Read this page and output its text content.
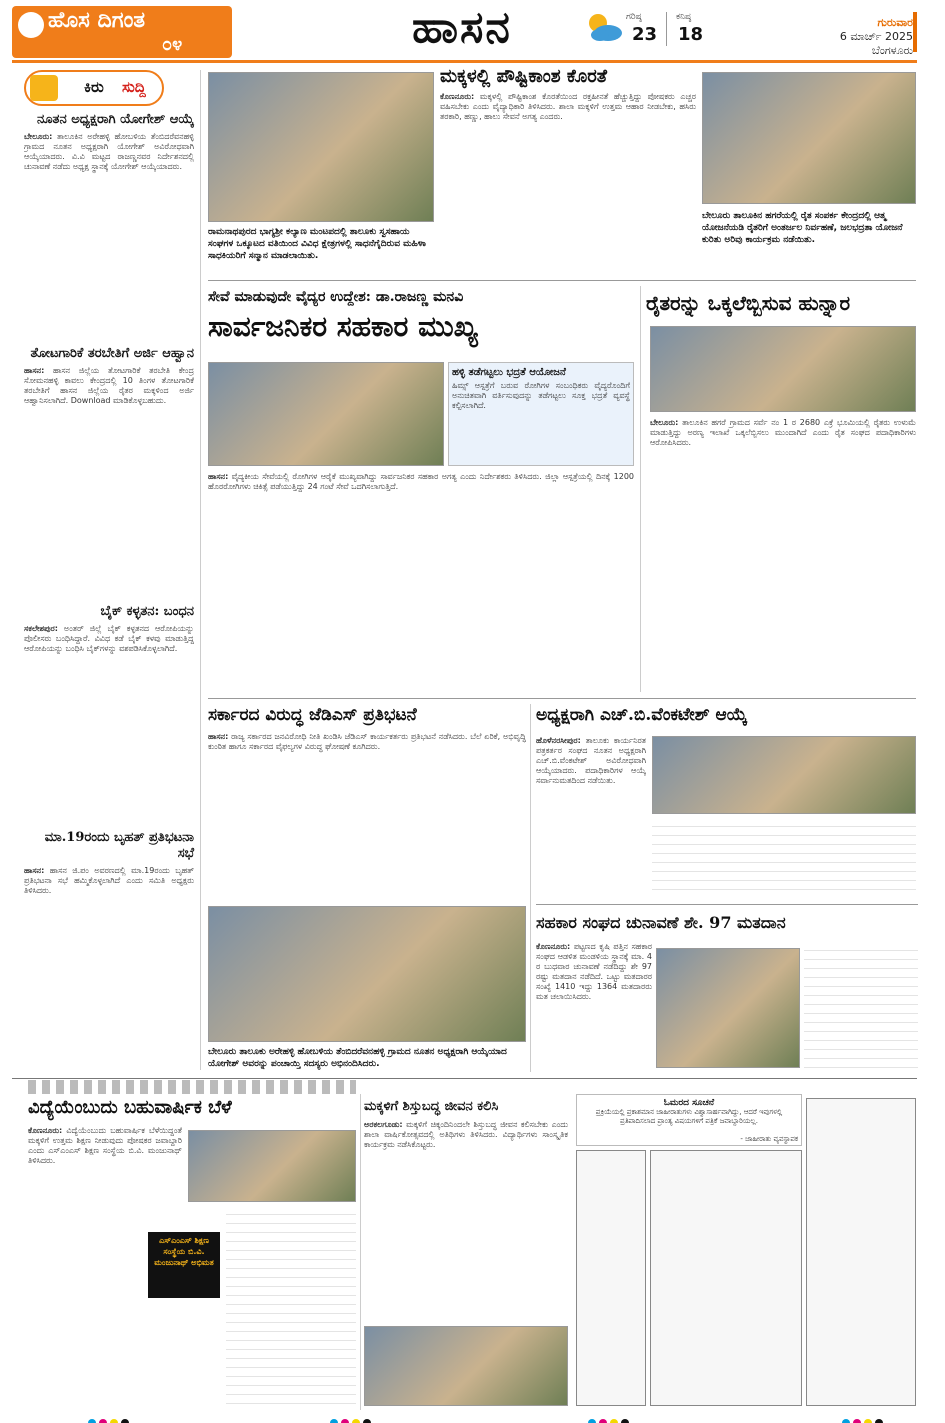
ಹೊಸ ದಿಗಂತ
೦೪	ಹಾಸನ	ಗರಿಷ್ಠ
23
ಕನಿಷ್ಠ
18
ಗುರುವಾರ
6 ಮಾರ್ಚ್ 2025
ಬೆಂಗಳೂರು
ಕಿರು ಸುದ್ದಿ
ನೂತನ ಅಧ್ಯಕ್ಷರಾಗಿ ಯೋಗೇಶ್ ಆಯ್ಕೆ
ಬೇಲೂರು: ತಾಲೂಕಿನ ಅರೇಹಳ್ಳಿ ಹೋಬಳಿಯ ತೆಂಬಿದರೆವನಹಳ್ಳಿ ಗ್ರಾಮದ ನೂತನ ಅಧ್ಯಕ್ಷರಾಗಿ ಯೋಗೇಶ್ ಅವಿರೋಧವಾಗಿ ಆಯ್ಕೆಯಾದರು. ವಿ.ವಿ ಮಟ್ಟದ ರಾಜಣ್ಣನವರ ನಿರ್ದೇಶನದಲ್ಲಿ ಚುನಾವಣೆ ನಡೆದು ಅಧ್ಯಕ್ಷ ಸ್ಥಾನಕ್ಕೆ ಯೋಗೇಶ್ ಆಯ್ಕೆಯಾದರು.
ತೋಟಗಾರಿಕೆ ತರಬೇತಿಗೆ ಅರ್ಜಿ ಆಹ್ವಾನ
ಹಾಸನ: ಹಾಸನ ಜಿಲ್ಲೆಯ ತೋಟಗಾರಿಕೆ ತರಬೇತಿ ಕೇಂದ್ರ ಸೋಮನಹಳ್ಳಿ ಕಾವಲು ಕೇಂದ್ರದಲ್ಲಿ 10 ತಿಂಗಳ ತೋಟಗಾರಿಕೆ ತರಬೇತಿಗೆ ಹಾಸನ ಜಿಲ್ಲೆಯ ರೈತರ ಮಕ್ಕಳಿಂದ ಅರ್ಜಿ ಆಹ್ವಾನಿಸಲಾಗಿದೆ. Download ಮಾಡಿಕೊಳ್ಳಬಹುದು.
ಬೈಕ್ ಕಳ್ಳತನ: ಬಂಧನ
ಸಕಲೇಶಪುರ: ಅಂತರ್ ಜಿಲ್ಲೆ ಬೈಕ್ ಕಳ್ಳತನದ ಆರೋಪಿಯನ್ನು ಪೊಲೀಸರು ಬಂಧಿಸಿದ್ದಾರೆ. ವಿವಿಧ ಕಡೆ ಬೈಕ್ ಕಳವು ಮಾಡುತ್ತಿದ್ದ ಆರೋಪಿಯನ್ನು ಬಂಧಿಸಿ ಬೈಕ್‌ಗಳನ್ನು ವಶಪಡಿಸಿಕೊಳ್ಳಲಾಗಿದೆ.
ಮಾ.19ರಂದು ಬೃಹತ್ ಪ್ರತಿಭಟನಾ ಸಭೆ
ಹಾಸನ: ಹಾಸನ ಜಿ.ಪಂ ಅವರಣದಲ್ಲಿ ಮಾ.19ರಂದು ಬೃಹತ್ ಪ್ರತಿಭಟನಾ ಸಭೆ ಹಮ್ಮಿಕೊಳ್ಳಲಾಗಿದೆ ಎಂದು ಸಮಿತಿ ಅಧ್ಯಕ್ಷರು ತಿಳಿಸಿದರು.
ರಾಮನಾಥಪುರದ ಭಾಗ್ಯಶ್ರೀ ಕಲ್ಯಾಣ ಮಂಟಪದಲ್ಲಿ ತಾಲೂಕು ಸ್ವಸಹಾಯ ಸಂಘಗಳ ಒಕ್ಕೂಟದ ವತಿಯಿಂದ ವಿವಿಧ ಕ್ಷೇತ್ರಗಳಲ್ಲಿ ಸಾಧನೆಗೈದಿರುವ ಮಹಿಳಾ ಸಾಧಕಿಯರಿಗೆ ಸನ್ಮಾನ ಮಾಡಲಾಯಿತು.
ಮಕ್ಕಳಲ್ಲಿ ಪೌಷ್ಟಿಕಾಂಶ ಕೊರತೆ
ಕೊಣನೂರು: ಮಕ್ಕಳಲ್ಲಿ ಪೌಷ್ಟಿಕಾಂಶ ಕೊರತೆಯಿಂದ ರಕ್ತಹೀನತೆ ಹೆಚ್ಚುತ್ತಿದ್ದು ಪೋಷಕರು ಎಚ್ಚರ ವಹಿಸಬೇಕು ಎಂದು ವೈದ್ಯಾಧಿಕಾರಿ ತಿಳಿಸಿದರು. ಶಾಲಾ ಮಕ್ಕಳಿಗೆ ಉತ್ತಮ ಆಹಾರ ನೀಡಬೇಕು, ಹಸಿರು ತರಕಾರಿ, ಹಣ್ಣು, ಹಾಲು ಸೇವನೆ ಅಗತ್ಯ ಎಂದರು.
ಬೇಲೂರು ತಾಲೂಕಿನ ಹಗರೆಯಲ್ಲಿ ರೈತ ಸಂಪರ್ಕ ಕೇಂದ್ರದಲ್ಲಿ ಆತ್ಮ ಯೋಜನೆಯಡಿ ರೈತರಿಗೆ ಅಂತರ್ಜಲ ನಿರ್ವಹಣೆ, ಜಲಭದ್ರತಾ ಯೋಜನೆ ಕುರಿತು ಅರಿವು ಕಾರ್ಯಕ್ರಮ ನಡೆಯಿತು.
ಸೇವೆ ಮಾಡುವುದೇ ವೈದ್ಯರ ಉದ್ದೇಶ: ಡಾ.ರಾಜಣ್ಣ ಮನವಿ
ಸಾರ್ವಜನಿಕರ ಸಹಕಾರ ಮುಖ್ಯ
ಹಳ್ಳಿ ತಡೆಗಟ್ಟಲು ಭದ್ರತೆ ಆಯೋಜನೆ
ಹಿಮ್ಸ್ ಆಸ್ಪತ್ರೆಗೆ ಬರುವ ರೋಗಿಗಳ ಸಂಬಂಧಿಕರು ವೈದ್ಯರೊಂದಿಗೆ ಅನುಚಿತವಾಗಿ ವರ್ತಿಸುವುದನ್ನು ತಡೆಗಟ್ಟಲು ಸೂಕ್ತ ಭದ್ರತೆ ವ್ಯವಸ್ಥೆ ಕಲ್ಪಿಸಲಾಗಿದೆ.
ಹಾಸನ: ವೈದ್ಯಕೀಯ ಸೇವೆಯಲ್ಲಿ ರೋಗಿಗಳ ಆರೈಕೆ ಮುಖ್ಯವಾಗಿದ್ದು ಸಾರ್ವಜನಿಕರ ಸಹಕಾರ ಅಗತ್ಯ ಎಂದು ನಿರ್ದೇಶಕರು ತಿಳಿಸಿದರು. ಜಿಲ್ಲಾ ಆಸ್ಪತ್ರೆಯಲ್ಲಿ ದಿನಕ್ಕೆ 1200 ಹೊರರೋಗಿಗಳು ಚಿಕಿತ್ಸೆ ಪಡೆಯುತ್ತಿದ್ದು 24 ಗಂಟೆ ಸೇವೆ ಒದಗಿಸಲಾಗುತ್ತಿದೆ.
ರೈತರನ್ನು ಒಕ್ಕಲೆಬ್ಬಿಸುವ ಹುನ್ನಾರ
ಬೇಲೂರು: ತಾಲೂಕಿನ ಹಗರೆ ಗ್ರಾಮದ ಸರ್ವೆ ನಂ 1 ರ 2680 ಎಕ್ರೆ ಭೂಮಿಯಲ್ಲಿ ರೈತರು ಉಳುಮೆ ಮಾಡುತ್ತಿದ್ದು ಅರಣ್ಯ ಇಲಾಖೆ ಒಕ್ಕಲೆಬ್ಬಿಸಲು ಮುಂದಾಗಿದೆ ಎಂದು ರೈತ ಸಂಘದ ಪದಾಧಿಕಾರಿಗಳು ಆರೋಪಿಸಿದರು.
ಸರ್ಕಾರದ ವಿರುದ್ಧ ಜೆಡಿಎಸ್ ಪ್ರತಿಭಟನೆ
ಹಾಸನ: ರಾಜ್ಯ ಸರ್ಕಾರದ ಜನವಿರೋಧಿ ನೀತಿ ಖಂಡಿಸಿ ಜೆಡಿಎಸ್ ಕಾರ್ಯಕರ್ತರು ಪ್ರತಿಭಟನೆ ನಡೆಸಿದರು. ಬೆಲೆ ಏರಿಕೆ, ಅಭಿವೃದ್ಧಿ ಕುಂಠಿತ ಹಾಗೂ ಸರ್ಕಾರದ ವೈಫಲ್ಯಗಳ ವಿರುದ್ಧ ಘೋಷಣೆ ಕೂಗಿದರು.
ಬೇಲೂರು ತಾಲೂಕು ಅರೇಹಳ್ಳಿ ಹೋಬಳಿಯ ತೆಂಬಿದರೆವನಹಳ್ಳಿ ಗ್ರಾಮದ ನೂತನ ಅಧ್ಯಕ್ಷರಾಗಿ ಆಯ್ಕೆಯಾದ ಯೋಗೇಶ್ ಅವರನ್ನು ಪಂಚಾಯ್ತಿ ಸದಸ್ಯರು ಅಭಿನಂದಿಸಿದರು.
ಅಧ್ಯಕ್ಷರಾಗಿ ಎಚ್.ಬಿ.ವೆಂಕಟೇಶ್ ಆಯ್ಕೆ
ಹೊಳೆನರಸೀಪುರ: ತಾಲೂಕು ಕಾರ್ಯನಿರತ ಪತ್ರಕರ್ತರ ಸಂಘದ ನೂತನ ಅಧ್ಯಕ್ಷರಾಗಿ ಎಚ್.ಬಿ.ವೆಂಕಟೇಶ್ ಅವಿರೋಧವಾಗಿ ಆಯ್ಕೆಯಾದರು. ಪದಾಧಿಕಾರಿಗಳ ಆಯ್ಕೆ ಸರ್ವಾನುಮತದಿಂದ ನಡೆಯಿತು.
ಸಹಕಾರ ಸಂಘದ ಚುನಾವಣೆ ಶೇ. 97 ಮತದಾನ
ಕೊಣನೂರು: ಪಟ್ಟಣದ ಕೃಷಿ ಪತ್ತಿನ ಸಹಕಾರ ಸಂಘದ ಆಡಳಿತ ಮಂಡಳಿಯ ಸ್ಥಾನಕ್ಕೆ ಮಾ. 4 ರ ಬುಧವಾರ ಚುನಾವಣೆ ನಡೆದಿದ್ದು ಶೇ 97 ರಷ್ಟು ಮತದಾನ ನಡೆದಿದೆ. ಒಟ್ಟು ಮತದಾರರ ಸಂಖ್ಯೆ 1410 ಇದ್ದು 1364 ಮತದಾರರು ಮತ ಚಲಾಯಿಸಿದರು.
ವಿದ್ಯೆಯೆಂಬುದು ಬಹುವಾರ್ಷಿಕ ಬೆಳೆ
ಕೊಣನೂರು: ವಿದ್ಯೆಯೆಂಬುದು ಬಹುವಾರ್ಷಿಕ ಬೆಳೆಯಿದ್ದಂತೆ ಮಕ್ಕಳಿಗೆ ಉತ್ತಮ ಶಿಕ್ಷಣ ನೀಡುವುದು ಪೋಷಕರ ಜವಾಬ್ದಾರಿ ಎಂದು ಎಸ್‌ಎಂಎಸ್ ಶಿಕ್ಷಣ ಸಂಸ್ಥೆಯ ಬಿ.ವಿ. ಮಂಜುನಾಥ್ ತಿಳಿಸಿದರು.
ಎಸ್‌ಎಂಎಸ್ ಶಿಕ್ಷಣ ಸಂಸ್ಥೆಯ ಬಿ.ವಿ. ಮಂಜುನಾಥ್ ಅಭಿಮತ
ಮಕ್ಕಳಿಗೆ ಶಿಸ್ತುಬದ್ಧ ಜೀವನ ಕಲಿಸಿ
ಅರಕಲಗೂಡು: ಮಕ್ಕಳಿಗೆ ಚಿಕ್ಕಂದಿನಿಂದಲೇ ಶಿಸ್ತುಬದ್ಧ ಜೀವನ ಕಲಿಸಬೇಕು ಎಂದು ಶಾಲಾ ವಾರ್ಷಿಕೋತ್ಸವದಲ್ಲಿ ಅತಿಥಿಗಳು ತಿಳಿಸಿದರು. ವಿದ್ಯಾರ್ಥಿಗಳು ಸಾಂಸ್ಕೃತಿಕ ಕಾರ್ಯಕ್ರಮ ನಡೆಸಿಕೊಟ್ಟರು.
ಓಮರದ ಸೂಚನೆ
ಪ್ರಕ್ರಿಯೆಯಲ್ಲಿ ಪ್ರಕಾಶಮಾನ ಜಾಹೀರಾತುಗಳು ವಿಶ್ವಾಸಾರ್ಹವಾಗಿದ್ದು, ಆದರೆ ಇವುಗಳಲ್ಲಿ ಪ್ರತಿಪಾದಿಸಲಾದ ಪ್ರಾಂತ್ಯ ವಿಷಯಗಳಿಗೆ ಪತ್ರಿಕೆ ಜವಾಬ್ದಾರಿಯಲ್ಲ.
- ಜಾಹೀರಾತು ವ್ಯವಸ್ಥಾಪಕ
